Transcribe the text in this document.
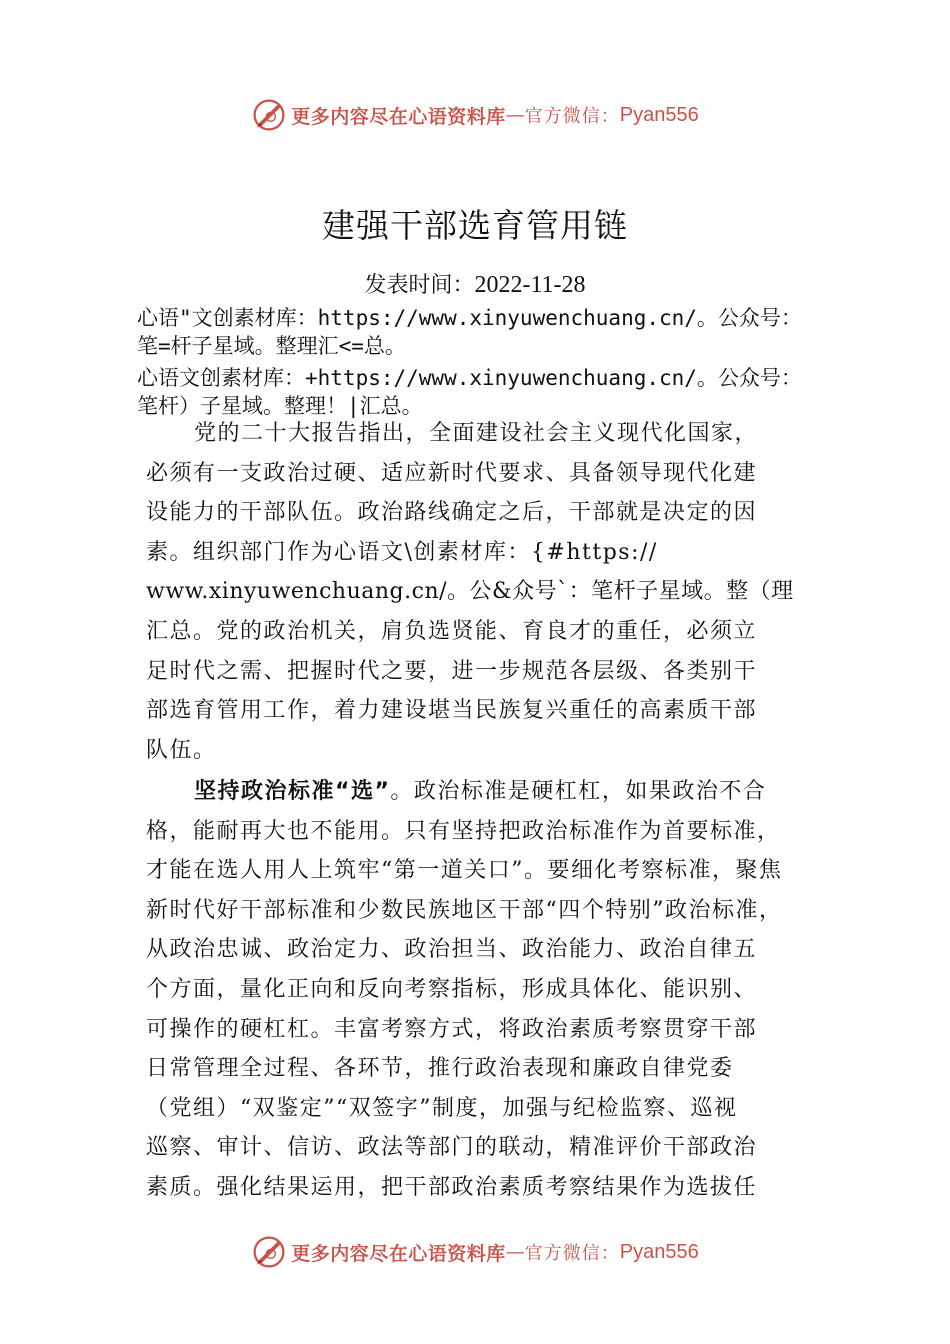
更多内容尽在心语资料库 — 官方微信： Pyan556
建强干部选育管用链
发表时间：2022-11-28
心语"文创素材库：https://www.xinyuwenchuang.cn/。公众号：
笔=杆子星域。整理汇<=总。
心语文创素材库：+https://www.xinyuwenchuang.cn/。公众号：
笔杆）子星域。整理！|汇总。
党的二十大报告指出，全面建设社会主义现代化国家，
必须有一支政治过硬、适应新时代要求、具备领导现代化建
设能力的干部队伍。政治路线确定之后，干部就是决定的因
素。组织部门作为心语文\创素材库：{#https://
www.xinyuwenchuang.cn/。公&众号`：笔杆子星域。整（理
汇总。党的政治机关，肩负选贤能、育良才的重任，必须立
足时代之需、把握时代之要，进一步规范各层级、各类别干
部选育管用工作，着力建设堪当民族复兴重任的高素质干部
队伍。
坚持政治标准“选”。政治标准是硬杠杠，如果政治不合
格，能耐再大也不能用。只有坚持把政治标准作为首要标准，
才能在选人用人上筑牢“第一道关口”。要细化考察标准，聚焦
新时代好干部标准和少数民族地区干部“四个特别”政治标准，
从政治忠诚、政治定力、政治担当、政治能力、政治自律五
个方面，量化正向和反向考察指标，形成具体化、能识别、
可操作的硬杠杠。丰富考察方式，将政治素质考察贯穿干部
日常管理全过程、各环节，推行政治表现和廉政自律党委
（党组）“双鉴定”“双签字”制度，加强与纪检监察、巡视
巡察、审计、信访、政法等部门的联动，精准评价干部政治
素质。强化结果运用，把干部政治素质考察结果作为选拔任
更多内容尽在心语资料库 — 官方微信： Pyan556
